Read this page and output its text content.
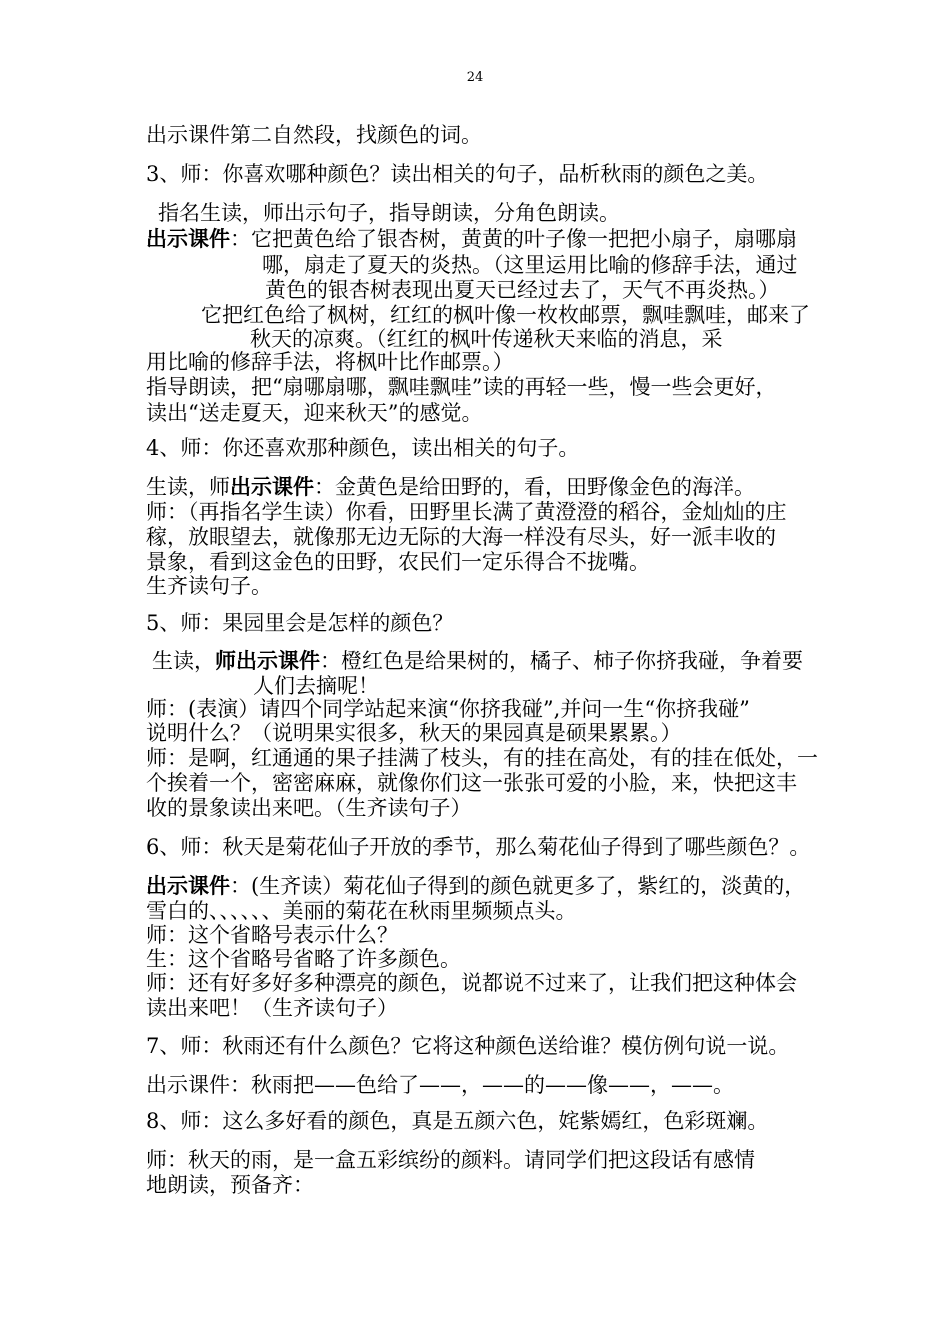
24
出示课件第二自然段，找颜色的词。
3、师：你喜欢哪种颜色？读出相关的句子，品析秋雨的颜色之美。
指名生读，师出示句子，指导朗读，分角色朗读。
出示课件：它把黄色给了银杏树，黄黄的叶子像一把把小扇子，扇哪扇
哪，扇走了夏天的炎热。（这里运用比喻的修辞手法，通过
黄色的银杏树表现出夏天已经过去了，天气不再炎热。）
它把红色给了枫树，红红的枫叶像一枚枚邮票，飘哇飘哇，邮来了
秋天的凉爽。（红红的枫叶传递秋天来临的消息，采
用比喻的修辞手法，将枫叶比作邮票。）
指导朗读，把“扇哪扇哪，飘哇飘哇”读的再轻一些，慢一些会更好，
读出“送走夏天，迎来秋天”的感觉。
4、师：你还喜欢那种颜色，读出相关的句子。
生读，师出示课件：金黄色是给田野的，看，田野像金色的海洋。
师：（再指名学生读）你看，田野里长满了黄澄澄的稻谷，金灿灿的庄
稼，放眼望去，就像那无边无际的大海一样没有尽头，好一派丰收的
景象，看到这金色的田野，农民们一定乐得合不拢嘴。
生齐读句子。
5、师：果园里会是怎样的颜色？
生读，师出示课件：橙红色是给果树的，橘子、柿子你挤我碰，争着要
人们去摘呢！
师：(表演）请四个同学站起来演“你挤我碰”,并问一生“你挤我碰”
说明什么？（说明果实很多，秋天的果园真是硕果累累。）
师：是啊，红通通的果子挂满了枝头，有的挂在高处，有的挂在低处，一
个挨着一个，密密麻麻，就像你们这一张张可爱的小脸，来，快把这丰
收的景象读出来吧。（生齐读句子）
6、师：秋天是菊花仙子开放的季节，那么菊花仙子得到了哪些颜色？。
出示课件：(生齐读）菊花仙子得到的颜色就更多了，紫红的，淡黄的，
雪白的、、、、、、美丽的菊花在秋雨里频频点头。
师：这个省略号表示什么？
生：这个省略号省略了许多颜色。
师：还有好多好多种漂亮的颜色，说都说不过来了，让我们把这种体会
读出来吧！（生齐读句子）
7、师：秋雨还有什么颜色？它将这种颜色送给谁？模仿例句说一说。
出示课件：秋雨把——色给了——，——的——像——，——。
8、师：这么多好看的颜色，真是五颜六色，姹紫嫣红，色彩斑斓。
师：秋天的雨，是一盒五彩缤纷的颜料。请同学们把这段话有感情
地朗读，预备齐：
